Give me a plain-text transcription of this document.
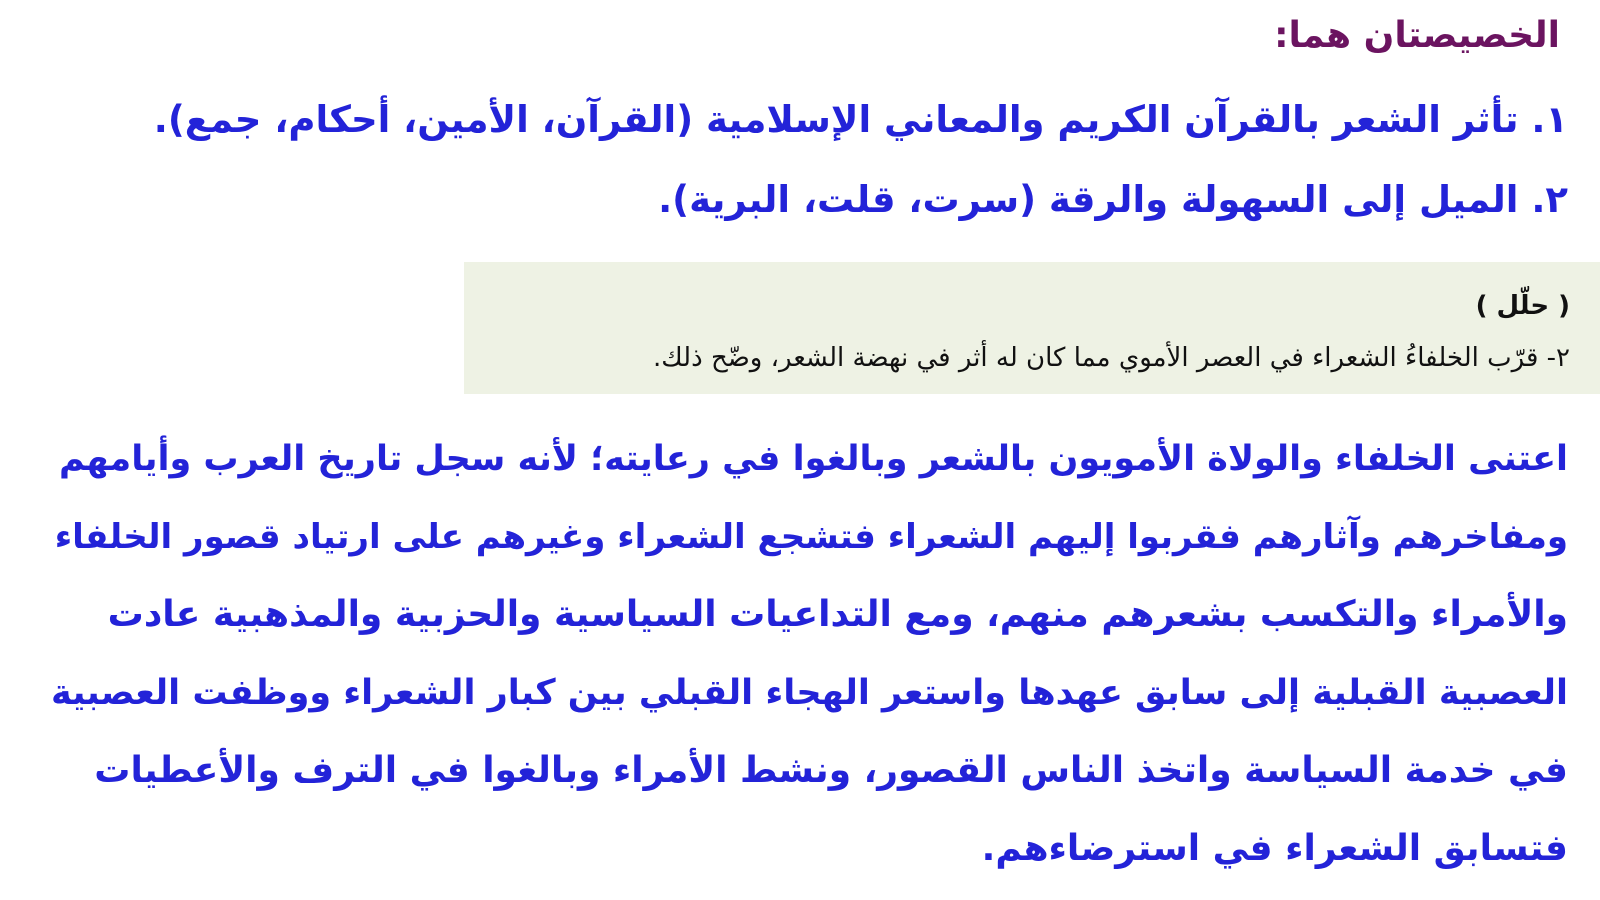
الخصيصتان هما:
١. تأثر الشعر بالقرآن الكريم والمعاني الإسلامية (القرآن، الأمين، أحكام، جمع).
٢. الميل إلى السهولة والرقة (سرت، قلت، البرية).
( حلّل )
٢- قرّب الخلفاءُ الشعراء في العصر الأموي مما كان له أثر في نهضة الشعر، وضّح ذلك.
اعتنى الخلفاء والولاة الأمويون بالشعر وبالغوا في رعايته؛ لأنه سجل تاريخ العرب وأيامهم
ومفاخرهم وآثارهم فقربوا إليهم الشعراء فتشجع الشعراء وغيرهم على ارتياد قصور الخلفاء
والأمراء والتكسب بشعرهم منهم، ومع التداعيات السياسية والحزبية والمذهبية عادت
العصبية القبلية إلى سابق عهدها واستعر الهجاء القبلي بين كبار الشعراء ووظفت العصبية
في خدمة السياسة واتخذ الناس القصور، ونشط الأمراء وبالغوا في الترف والأعطيات
فتسابق الشعراء في استرضاءهم.
